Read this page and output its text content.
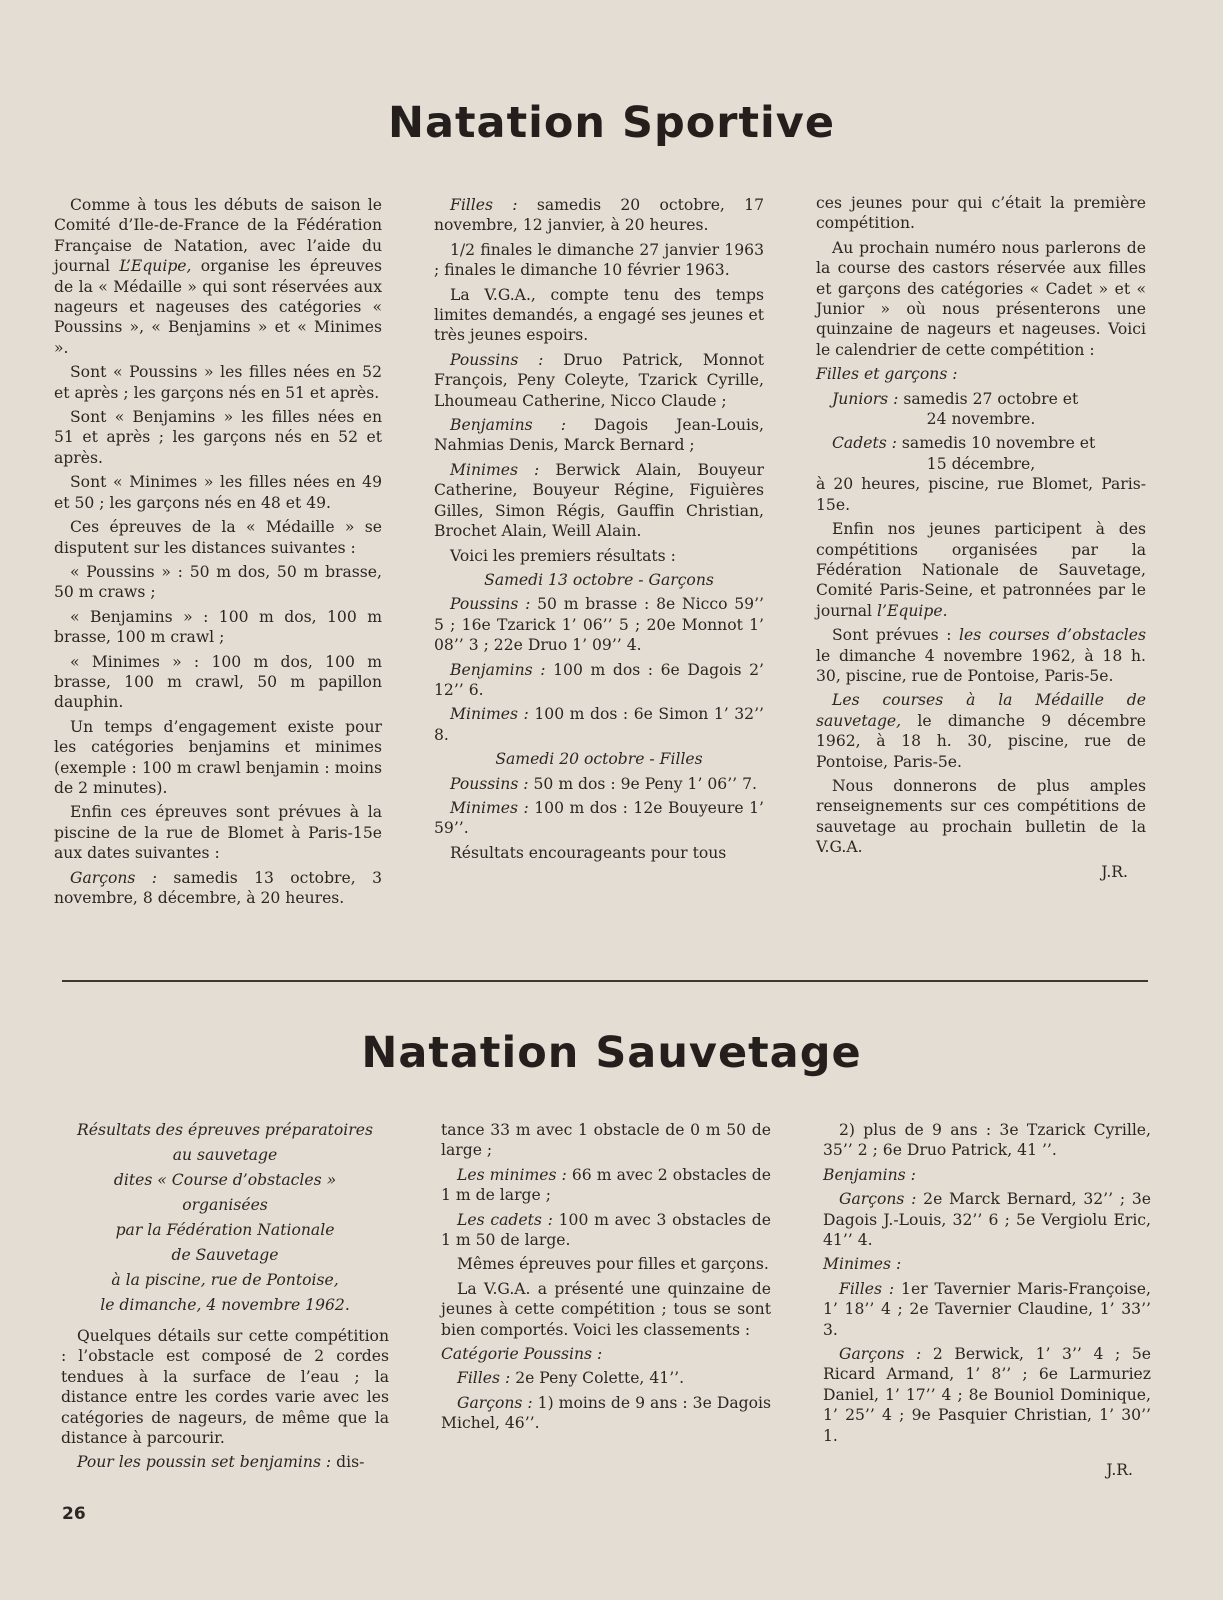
Natation Sportive

Comme à tous les débuts de saison le Comité d’Ile-de-France de la Fédération Française de Natation, avec l’aide du journal L’Equipe, organise les épreuves de la « Médaille » qui sont réservées aux nageurs et nageuses des catégories « Poussins », « Benjamins » et « Minimes ».

Sont « Poussins » les filles nées en 52 et après ; les garçons nés en 51 et après.

Sont « Benjamins » les filles nées en 51 et après ; les garçons nés en 52 et après.

Sont « Minimes » les filles nées en 49 et 50 ; les garçons nés en 48 et 49.

Ces épreuves de la « Médaille » se disputent sur les distances suivantes :

« Poussins » : 50 m dos, 50 m brasse, 50 m craws ;

« Benjamins » : 100 m dos, 100 m brasse, 100 m crawl ;

« Minimes » : 100 m dos, 100 m brasse, 100 m crawl, 50 m papillon dauphin.

Un temps d’engagement existe pour les catégories benjamins et minimes (exemple : 100 m crawl benjamin : moins de 2 minutes).

Enfin ces épreuves sont prévues à la piscine de la rue de Blomet à Paris-15e aux dates suivantes :

Garçons : samedis 13 octobre, 3 novembre, 8 décembre, à 20 heures.

Filles : samedis 20 octobre, 17 novembre, 12 janvier, à 20 heures.

1/2 finales le dimanche 27 janvier 1963 ; finales le dimanche 10 février 1963.

La V.G.A., compte tenu des temps limites demandés, a engagé ses jeunes et très jeunes espoirs.

Poussins : Druo Patrick, Monnot François, Peny Coleyte, Tzarick Cyrille, Lhoumeau Catherine, Nicco Claude ;

Benjamins : Dagois Jean-Louis, Nahmias Denis, Marck Bernard ;

Minimes : Berwick Alain, Bouyeur Catherine, Bouyeur Régine, Figuières Gilles, Simon Régis, Gauffin Christian, Brochet Alain, Weill Alain.

Voici les premiers résultats :

Samedi 13 octobre - Garçons

Poussins : 50 m brasse : 8e Nicco 59’’ 5 ; 16e Tzarick 1’ 06’’ 5 ; 20e Monnot 1’ 08’’ 3 ; 22e Druo 1’ 09’’ 4.

Benjamins : 100 m dos : 6e Dagois 2’ 12’’ 6.

Minimes : 100 m dos : 6e Simon 1’ 32’’ 8.

Samedi 20 octobre - Filles

Poussins : 50 m dos : 9e Peny 1’ 06’’ 7.

Minimes : 100 m dos : 12e Bouyeure 1’ 59’’.

Résultats encourageants pour tous

ces jeunes pour qui c’était la première compétition.

Au prochain numéro nous parlerons de la course des castors réservée aux filles et garçons des catégories « Cadet » et « Junior » où nous présenterons une quinzaine de nageurs et nageuses. Voici le calendrier de cette compétition :

Filles et garçons :

Juniors : samedis 27 octobre et

24 novembre.

Cadets : samedis 10 novembre et

15 décembre,

à 20 heures, piscine, rue Blomet, Paris-15e.

Enfin nos jeunes participent à des compétitions organisées par la Fédération Nationale de Sauvetage, Comité Paris-Seine, et patronnées par le journal l’Equipe.

Sont prévues : les courses d’obstacles le dimanche 4 novembre 1962, à 18 h. 30, piscine, rue de Pontoise, Paris-5e.

Les courses à la Médaille de sauvetage, le dimanche 9 décembre 1962, à 18 h. 30, piscine, rue de Pontoise, Paris-5e.

Nous donnerons de plus amples renseignements sur ces compétitions de sauvetage au prochain bulletin de la V.G.A.

J.R.

Natation Sauvetage
Résultats des épreuves préparatoires
au sauvetage
dites « Course d’obstacles »
organisées
par la Fédération Nationale
de Sauvetage
à la piscine, rue de Pontoise,
le dimanche, 4 novembre 1962.

Quelques détails sur cette compétition : l’obstacle est composé de 2 cordes tendues à la surface de l’eau ; la distance entre les cordes varie avec les catégories de nageurs, de même que la distance à parcourir.

Pour les poussin set benjamins : dis-

tance 33 m avec 1 obstacle de 0 m 50 de large ;

Les minimes : 66 m avec 2 obstacles de 1 m de large ;

Les cadets : 100 m avec 3 obstacles de 1 m 50 de large.

Mêmes épreuves pour filles et garçons.

La V.G.A. a présenté une quinzaine de jeunes à cette compétition ; tous se sont bien comportés. Voici les classements :

Catégorie Poussins :

Filles : 2e Peny Colette, 41’’.

Garçons : 1) moins de 9 ans : 3e Dagois Michel, 46’’.

2) plus de 9 ans : 3e Tzarick Cyrille, 35’’ 2 ; 6e Druo Patrick, 41 ’’.

Benjamins :

Garçons : 2e Marck Bernard, 32’’ ; 3e Dagois J.-Louis, 32’’ 6 ; 5e Vergiolu Eric, 41’’ 4.

Minimes :

Filles : 1er Tavernier Maris-Françoise, 1’ 18’’ 4 ; 2e Tavernier Claudine, 1’ 33’’ 3.

Garçons : 2 Berwick, 1’ 3’’ 4 ; 5e Ricard Armand, 1’ 8’’ ; 6e Larmuriez Daniel, 1’ 17’’ 4 ; 8e Bouniol Dominique, 1’ 25’’ 4 ; 9e Pasquier Christian, 1’ 30’’ 1.

J.R.

26
